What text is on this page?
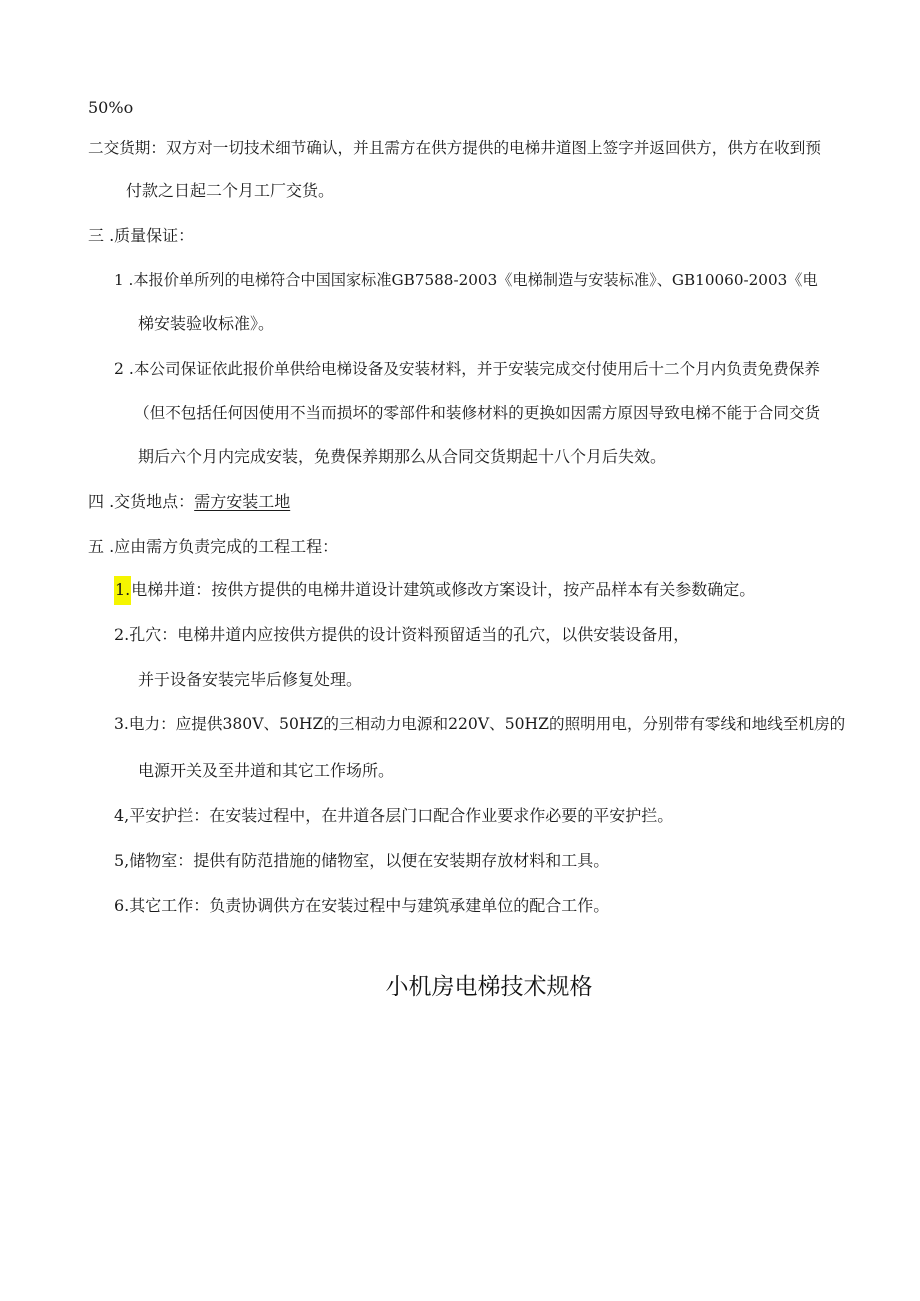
50%o
二交货期：双方对一切技术细节确认，并且需方在供方提供的电梯井道图上签字并返回供方，供方在收到预
付款之日起二个月工厂交货。
三 .质量保证：
1 .本报价单所列的电梯符合中国国家标准GB7588-2003《电梯制造与安装标准》、GB10060-2003《电
梯安装验收标准》。
2 .本公司保证依此报价单供给电梯设备及安装材料，并于安装完成交付使用后十二个月内负责免费保养
（但不包括任何因使用不当而损坏的零部件和装修材料的更换如因需方原因导致电梯不能于合同交货
期后六个月内完成安装，免费保养期那么从合同交货期起十八个月后失效。
四 .交货地点：需方安装工地
五 .应由需方负责完成的工程工程：
1.电梯井道：按供方提供的电梯井道设计建筑或修改方案设计，按产品样本有关参数确定。
2.孔穴：电梯井道内应按供方提供的设计资料预留适当的孔穴，以供安装设备用，
并于设备安装完毕后修复处理。
3.电力：应提供380V、50HZ的三相动力电源和220V、50HZ的照明用电，分别带有零线和地线至机房的
电源开关及至井道和其它工作场所。
4,平安护拦：在安装过程中，在井道各层门口配合作业要求作必要的平安护拦。
5,储物室：提供有防范措施的储物室，以便在安装期存放材料和工具。
6.其它工作：负责协调供方在安装过程中与建筑承建单位的配合工作。
小机房电梯技术规格
